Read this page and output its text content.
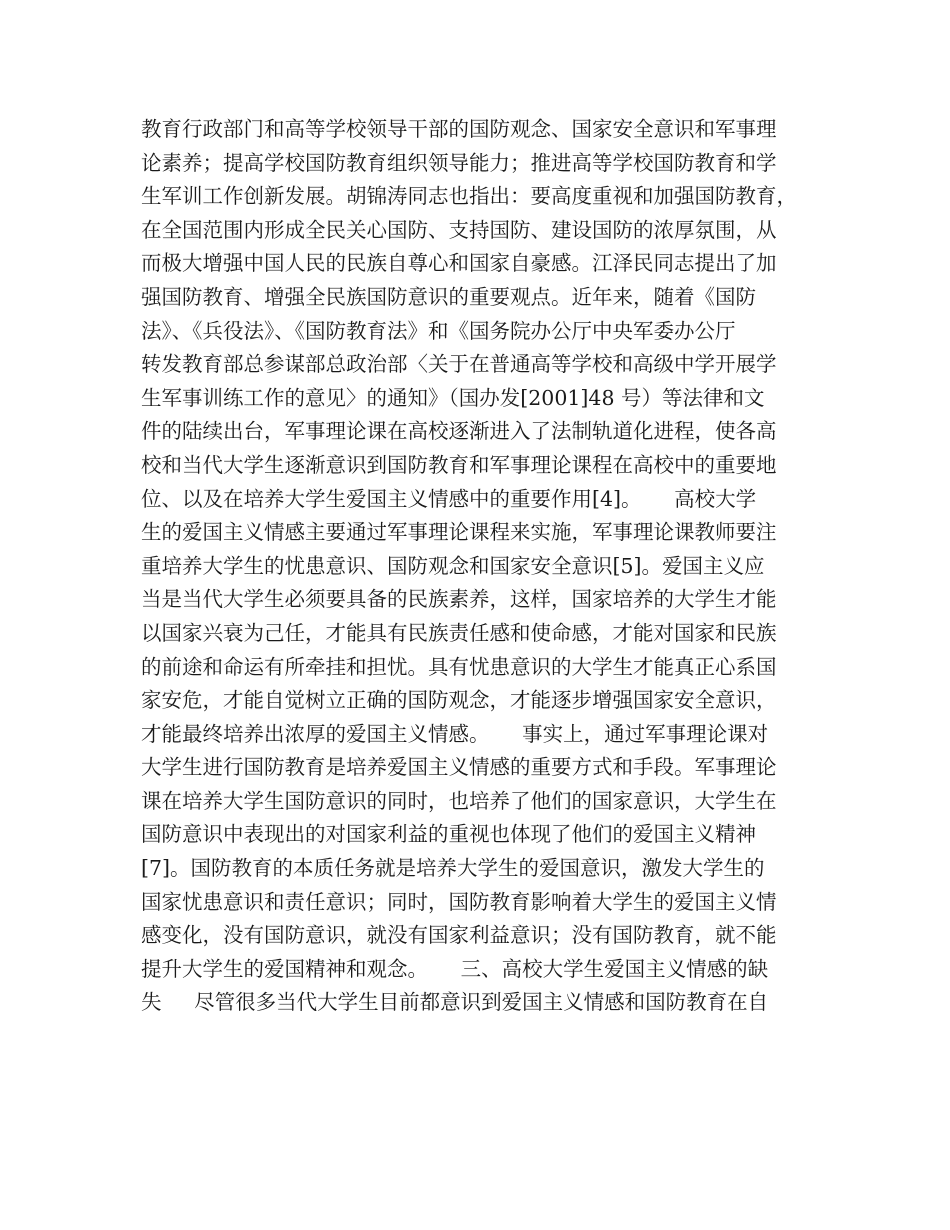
教育行政部门和高等学校领导干部的国防观念、国家安全意识和军事理
论素养；提高学校国防教育组织领导能力；推进高等学校国防教育和学
生军训工作创新发展。胡锦涛同志也指出：要高度重视和加强国防教育，
在全国范围内形成全民关心国防、支持国防、建设国防的浓厚氛围，从
而极大增强中国人民的民族自尊心和国家自豪感。江泽民同志提出了加
强国防教育、增强全民族国防意识的重要观点。近年来，随着《国防
法》、《兵役法》、《国防教育法》和《国务院办公厅中央军委办公厅
转发教育部总参谋部总政治部〈关于在普通高等学校和高级中学开展学
生军事训练工作的意见〉的通知》（国办发[2001]48 号）等法律和文
件的陆续出台，军事理论课在高校逐渐进入了法制轨道化进程，使各高
校和当代大学生逐渐意识到国防教育和军事理论课程在高校中的重要地
位、以及在培养大学生爱国主义情感中的重要作用[4]。     高校大学
生的爱国主义情感主要通过军事理论课程来实施，军事理论课教师要注
重培养大学生的忧患意识、国防观念和国家安全意识[5]。爱国主义应
当是当代大学生必须要具备的民族素养，这样，国家培养的大学生才能
以国家兴衰为己任，才能具有民族责任感和使命感，才能对国家和民族
的前途和命运有所牵挂和担忧。具有忧患意识的大学生才能真正心系国
家安危，才能自觉树立正确的国防观念，才能逐步增强国家安全意识，
才能最终培养出浓厚的爱国主义情感。     事实上，通过军事理论课对
大学生进行国防教育是培养爱国主义情感的重要方式和手段。军事理论
课在培养大学生国防意识的同时，也培养了他们的国家意识，大学生在
国防意识中表现出的对国家利益的重视也体现了他们的爱国主义精神
[7]。国防教育的本质任务就是培养大学生的爱国意识，激发大学生的
国家忧患意识和责任意识；同时，国防教育影响着大学生的爱国主义情
感变化，没有国防意识，就没有国家利益意识；没有国防教育，就不能
提升大学生的爱国精神和观念。     三、高校大学生爱国主义情感的缺
失     尽管很多当代大学生目前都意识到爱国主义情感和国防教育在自
